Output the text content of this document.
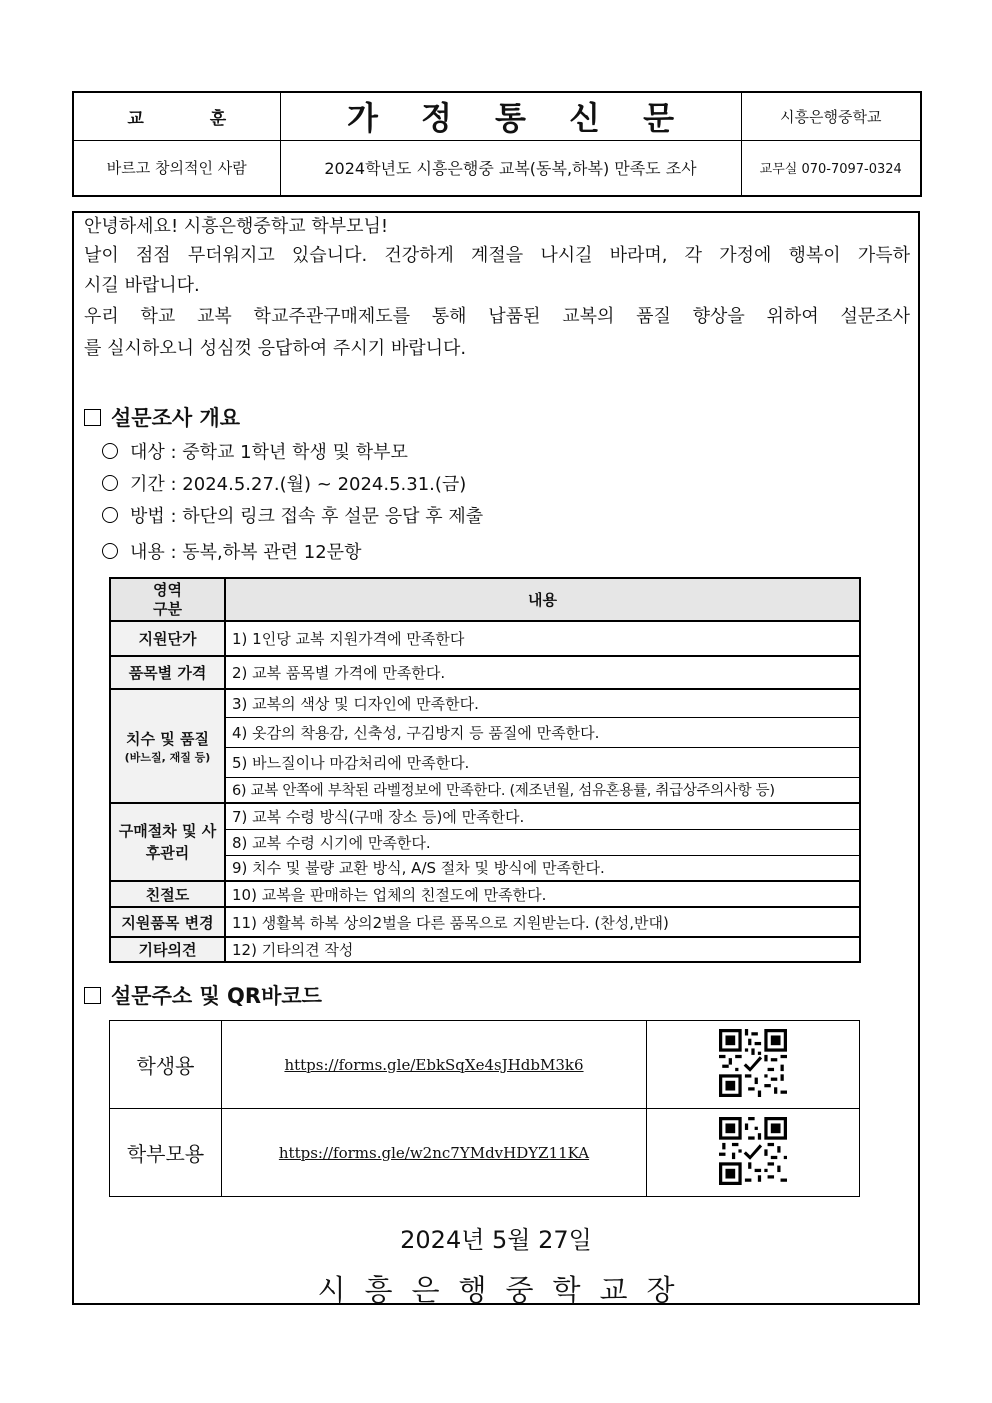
교 훈	가 정 통 신 문	시흥은행중학교
바르고 창의적인 사람	2024학년도 시흥은행중 교복(동복,하복) 만족도 조사	교무실 070-7097-0324
안녕하세요! 시흥은행중학교 학부모님!
날이 점점 무더워지고 있습니다. 건강하게 계절을 나시길 바라며, 각 가정에 행복이 가득하
시길 바랍니다.
우리 학교 교복 학교주관구매제도를 통해 납품된 교복의 품질 향상을 위하여 설문조사
를 실시하오니 성심껏 응답하여 주시기 바랍니다.
설문조사 개요
대상 : 중학교 1학년 학생 및 학부모
기간 : 2024.5.27.(월) ~ 2024.5.31.(금)
방법 : 하단의 링크 접속 후 설문 응답 후 제출
내용 : 동복,하복 관련 12문항
영역
구분	내용
지원단가	1) 1인당 교복 지원가격에 만족한다
품목별 가격	2) 교복 품목별 가격에 만족한다.
치수 및 품질
(바느질, 재질 등)	3) 교복의 색상 및 디자인에 만족한다.
	4) 옷감의 착용감, 신축성, 구김방지 등 품질에 만족한다.
	5) 바느질이나 마감처리에 만족한다.
	6) 교복 안쪽에 부착된 라벨정보에 만족한다. (제조년월, 섬유혼용률, 취급상주의사항 등)
구매절차 및 사후관리	7) 교복 수령 방식(구매 장소 등)에 만족한다.
	8) 교복 수령 시기에 만족한다.
	9) 치수 및 불량 교환 방식, A/S 절차 및 방식에 만족한다.
친절도	10) 교복을 판매하는 업체의 친절도에 만족한다.
지원품목 변경	11) 생활복 하복 상의2벌을 다른 품목으로 지원받는다. (찬성,반대)
기타의견	12) 기타의견 작성
설문주소 및 QR바코드
학생용	https://forms.gle/EbkSqXe4sJHdbM3k6	
학부모용	https://forms.gle/w2nc7YMdvHDYZ11KA	
2024년 5월 27일
시흥은행중학교장
